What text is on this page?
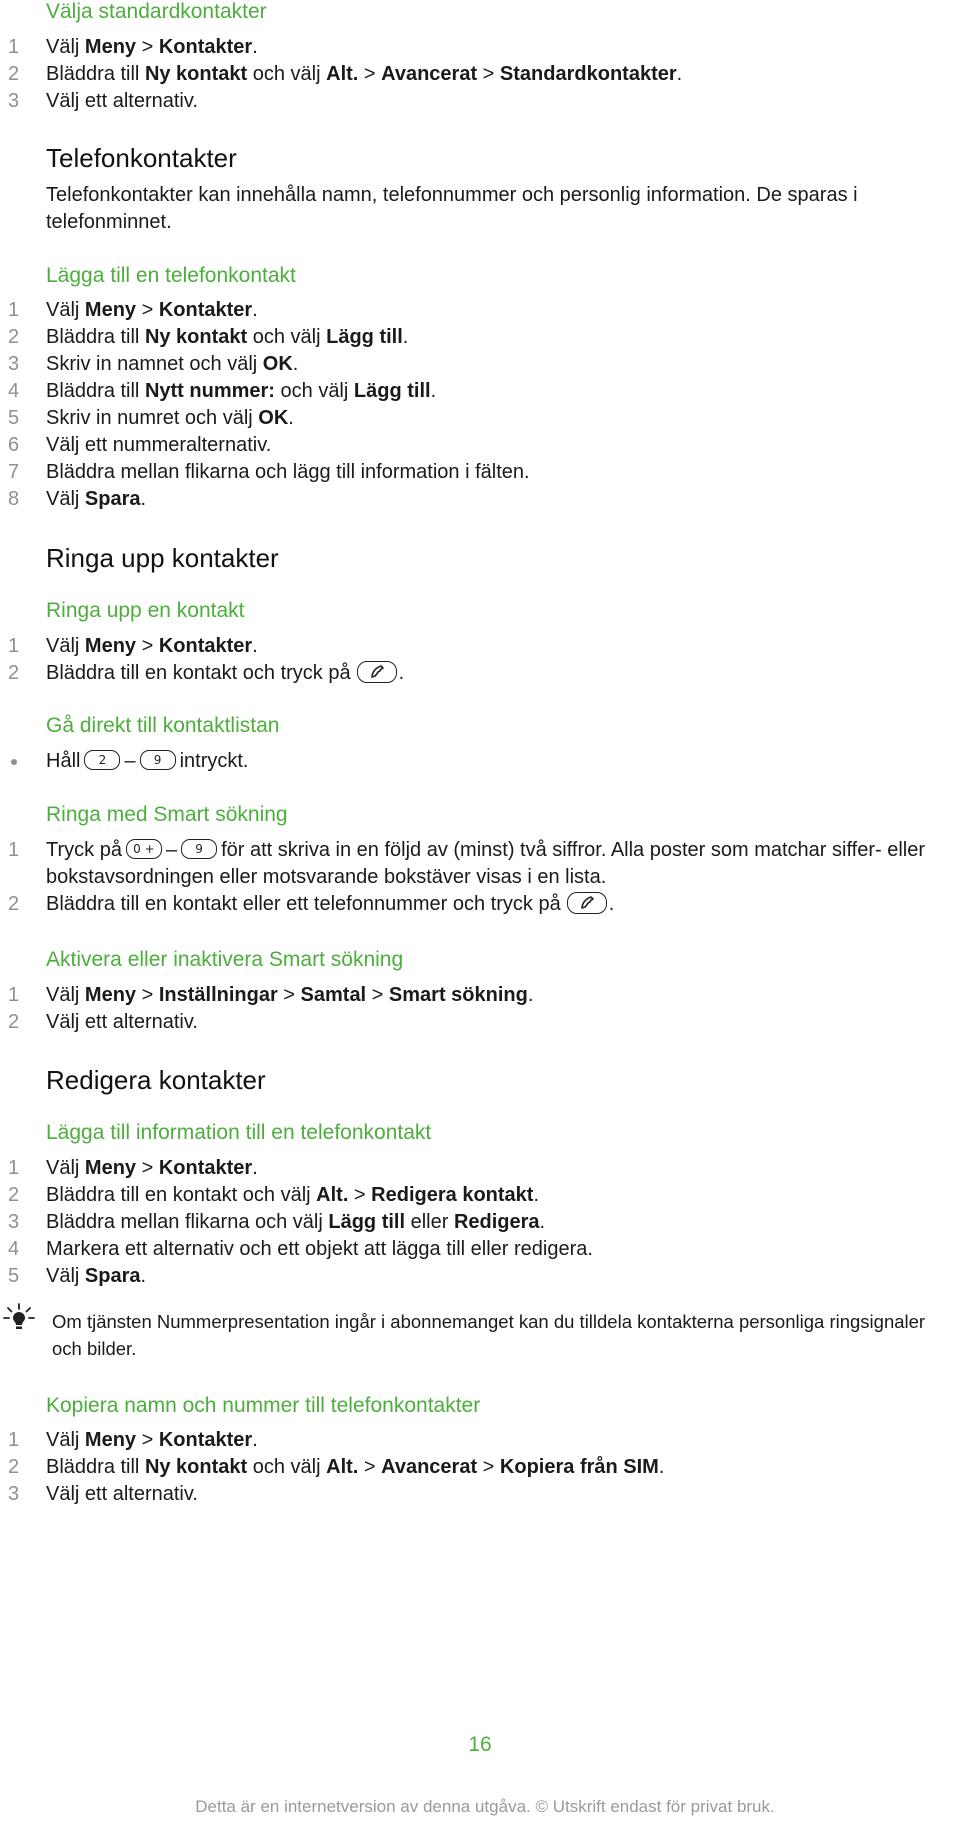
Välja standardkontakter
1	Välj Meny > Kontakter.
2	Bläddra till Ny kontakt och välj Alt. > Avancerat > Standardkontakter.
3	Välj ett alternativ.
Telefonkontakter
Telefonkontakter kan innehålla namn, telefonnummer och personlig information. De sparas i telefonminnet.
Lägga till en telefonkontakt
1	Välj Meny > Kontakter.
2	Bläddra till Ny kontakt och välj Lägg till.
3	Skriv in namnet och välj OK.
4	Bläddra till Nytt nummer: och välj Lägg till.
5	Skriv in numret och välj OK.
6	Välj ett nummeralternativ.
7	Bläddra mellan flikarna och lägg till information i fälten.
8	Välj Spara.
Ringa upp kontakter
Ringa upp en kontakt
1	Välj Meny > Kontakter.
2	Bläddra till en kontakt och tryck på .
Gå direkt till kontaktlistan
Håll 2 – 9 intryckt.
Ringa med Smart sökning
1	Tryck på 0 + – 9 för att skriva in en följd av (minst) två siffror. Alla poster som matchar siffer- eller bokstavsordningen eller motsvarande bokstäver visas i en lista.
2	Bläddra till en kontakt eller ett telefonnummer och tryck på .
Aktivera eller inaktivera Smart sökning
1	Välj Meny > Inställningar > Samtal > Smart sökning.
2	Välj ett alternativ.
Redigera kontakter
Lägga till information till en telefonkontakt
1	Välj Meny > Kontakter.
2	Bläddra till en kontakt och välj Alt. > Redigera kontakt.
3	Bläddra mellan flikarna och välj Lägg till eller Redigera.
4	Markera ett alternativ och ett objekt att lägga till eller redigera.
5	Välj Spara.
Om tjänsten Nummerpresentation ingår i abonnemanget kan du tilldela kontakterna personliga ringsignaler och bilder.
Kopiera namn och nummer till telefonkontakter
1	Välj Meny > Kontakter.
2	Bläddra till Ny kontakt och välj Alt. > Avancerat > Kopiera från SIM.
3	Välj ett alternativ.
16
Detta är en internetversion av denna utgåva. © Utskrift endast för privat bruk.
